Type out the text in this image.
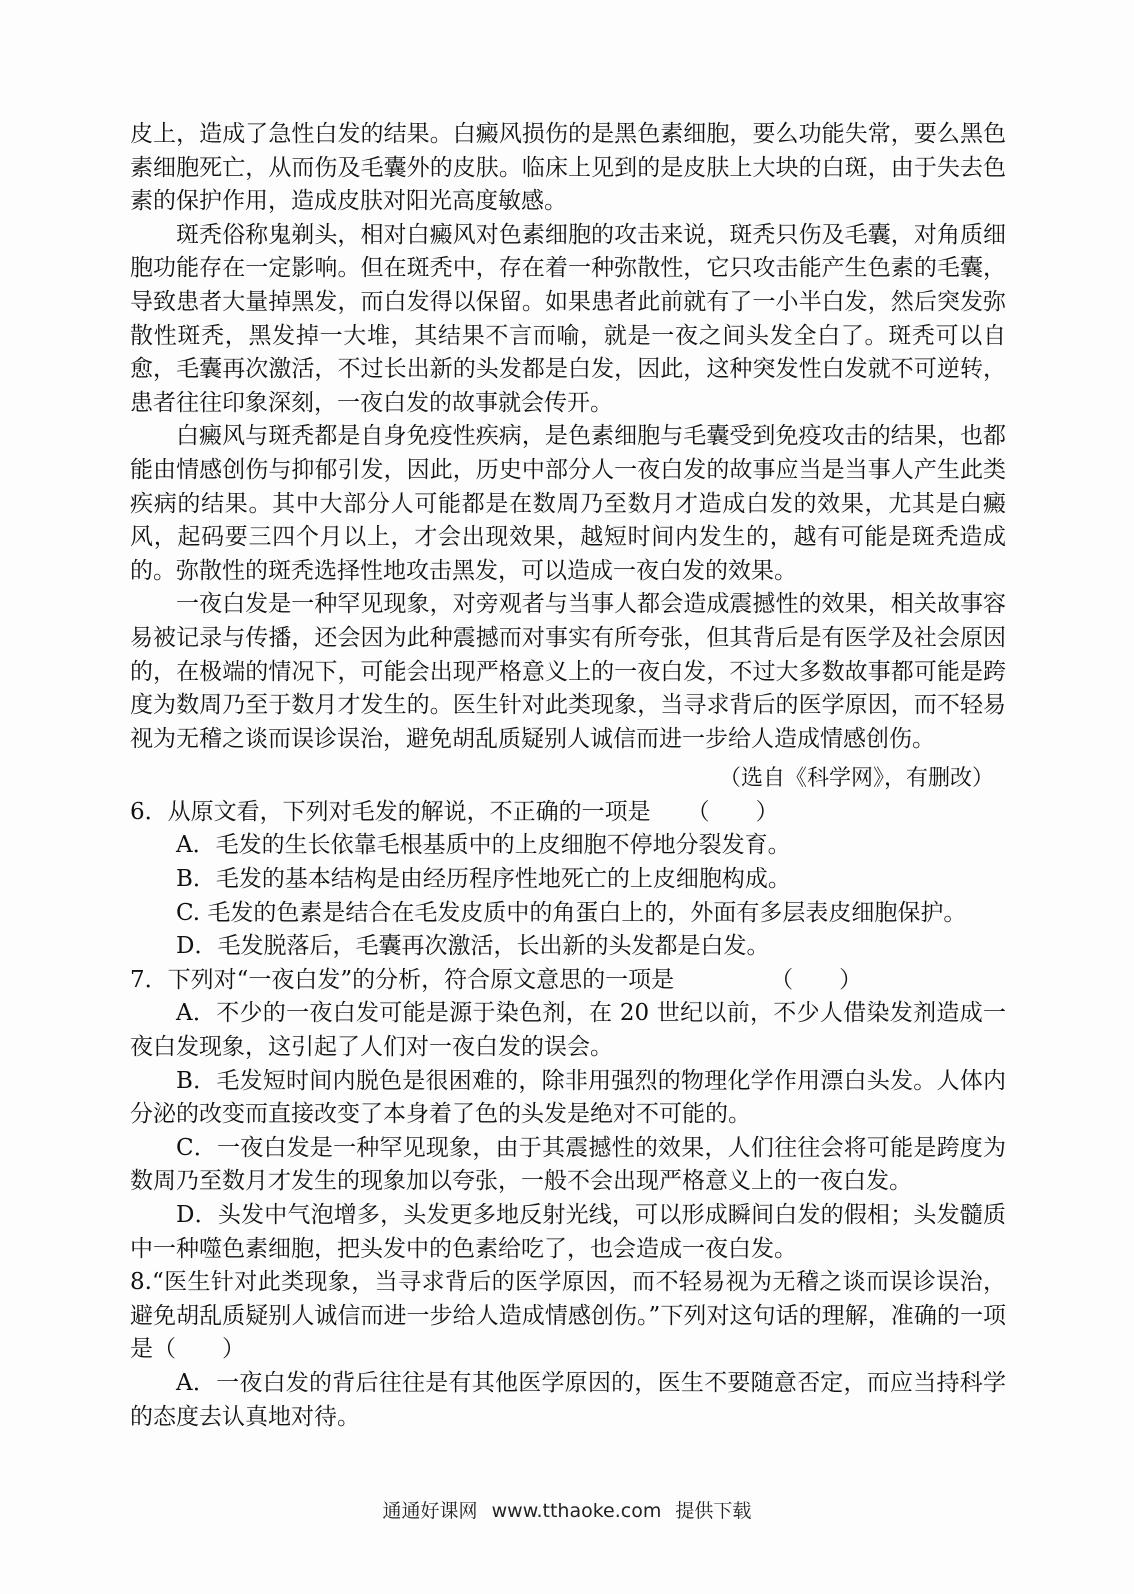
皮上，造成了急性白发的结果。白癜风损伤的是黑色素细胞，要么功能失常，要么黑色素细胞死亡，从而伤及毛囊外的皮肤。临床上见到的是皮肤上大块的白斑，由于失去色素的保护作用，造成皮肤对阳光高度敏感。

斑秃俗称鬼剃头，相对白癜风对色素细胞的攻击来说，斑秃只伤及毛囊，对角质细胞功能存在一定影响。但在斑秃中，存在着一种弥散性，它只攻击能产生色素的毛囊，导致患者大量掉黑发，而白发得以保留。如果患者此前就有了一小半白发，然后突发弥散性斑秃，黑发掉一大堆，其结果不言而喻，就是一夜之间头发全白了。斑秃可以自愈，毛囊再次激活，不过长出新的头发都是白发，因此，这种突发性白发就不可逆转，患者往往印象深刻，一夜白发的故事就会传开。

白癜风与斑秃都是自身免疫性疾病，是色素细胞与毛囊受到免疫攻击的结果，也都能由情感创伤与抑郁引发，因此，历史中部分人一夜白发的故事应当是当事人产生此类疾病的结果。其中大部分人可能都是在数周乃至数月才造成白发的效果，尤其是白癜风，起码要三四个月以上，才会出现效果，越短时间内发生的，越有可能是斑秃造成的。弥散性的斑秃选择性地攻击黑发，可以造成一夜白发的效果。

一夜白发是一种罕见现象，对旁观者与当事人都会造成震撼性的效果，相关故事容易被记录与传播，还会因为此种震撼而对事实有所夸张，但其背后是有医学及社会原因的，在极端的情况下，可能会出现严格意义上的一夜白发，不过大多数故事都可能是跨度为数周乃至于数月才发生的。医生针对此类现象，当寻求背后的医学原因，而不轻易视为无稽之谈而误诊误治，避免胡乱质疑别人诚信而进一步给人造成情感创伤。

（选自《科学网》，有删改）

6．从原文看，下列对毛发的解说，不正确的一项是 （　　）

A．毛发的生长依靠毛根基质中的上皮细胞不停地分裂发育。

B．毛发的基本结构是由经历程序性地死亡的上皮细胞构成。

C. 毛发的色素是结合在毛发皮质中的角蛋白上的，外面有多层表皮细胞保护。

D．毛发脱落后，毛囊再次激活，长出新的头发都是白发。

7．下列对“一夜白发”的分析，符合原文意思的一项是	（　　）

A．不少的一夜白发可能是源于染色剂，在 20 世纪以前，不少人借染发剂造成一夜白发现象，这引起了人们对一夜白发的误会。

B．毛发短时间内脱色是很困难的，除非用强烈的物理化学作用漂白头发。人体内分泌的改变而直接改变了本身着了色的头发是绝对不可能的。

C．一夜白发是一种罕见现象，由于其震撼性的效果，人们往往会将可能是跨度为数周乃至数月才发生的现象加以夸张，一般不会出现严格意义上的一夜白发。

D．头发中气泡增多，头发更多地反射光线，可以形成瞬间白发的假相；头发髓质中一种噬色素细胞，把头发中的色素给吃了，也会造成一夜白发。

8.“医生针对此类现象，当寻求背后的医学原因，而不轻易视为无稽之谈而误诊误治，避免胡乱质疑别人诚信而进一步给人造成情感创伤。”下列对这句话的理解，准确的一项是（　　）

A．一夜白发的背后往往是有其他医学原因的，医生不要随意否定，而应当持科学的态度去认真地对待。

通通好课网 www.tthaoke.com 提供下载
